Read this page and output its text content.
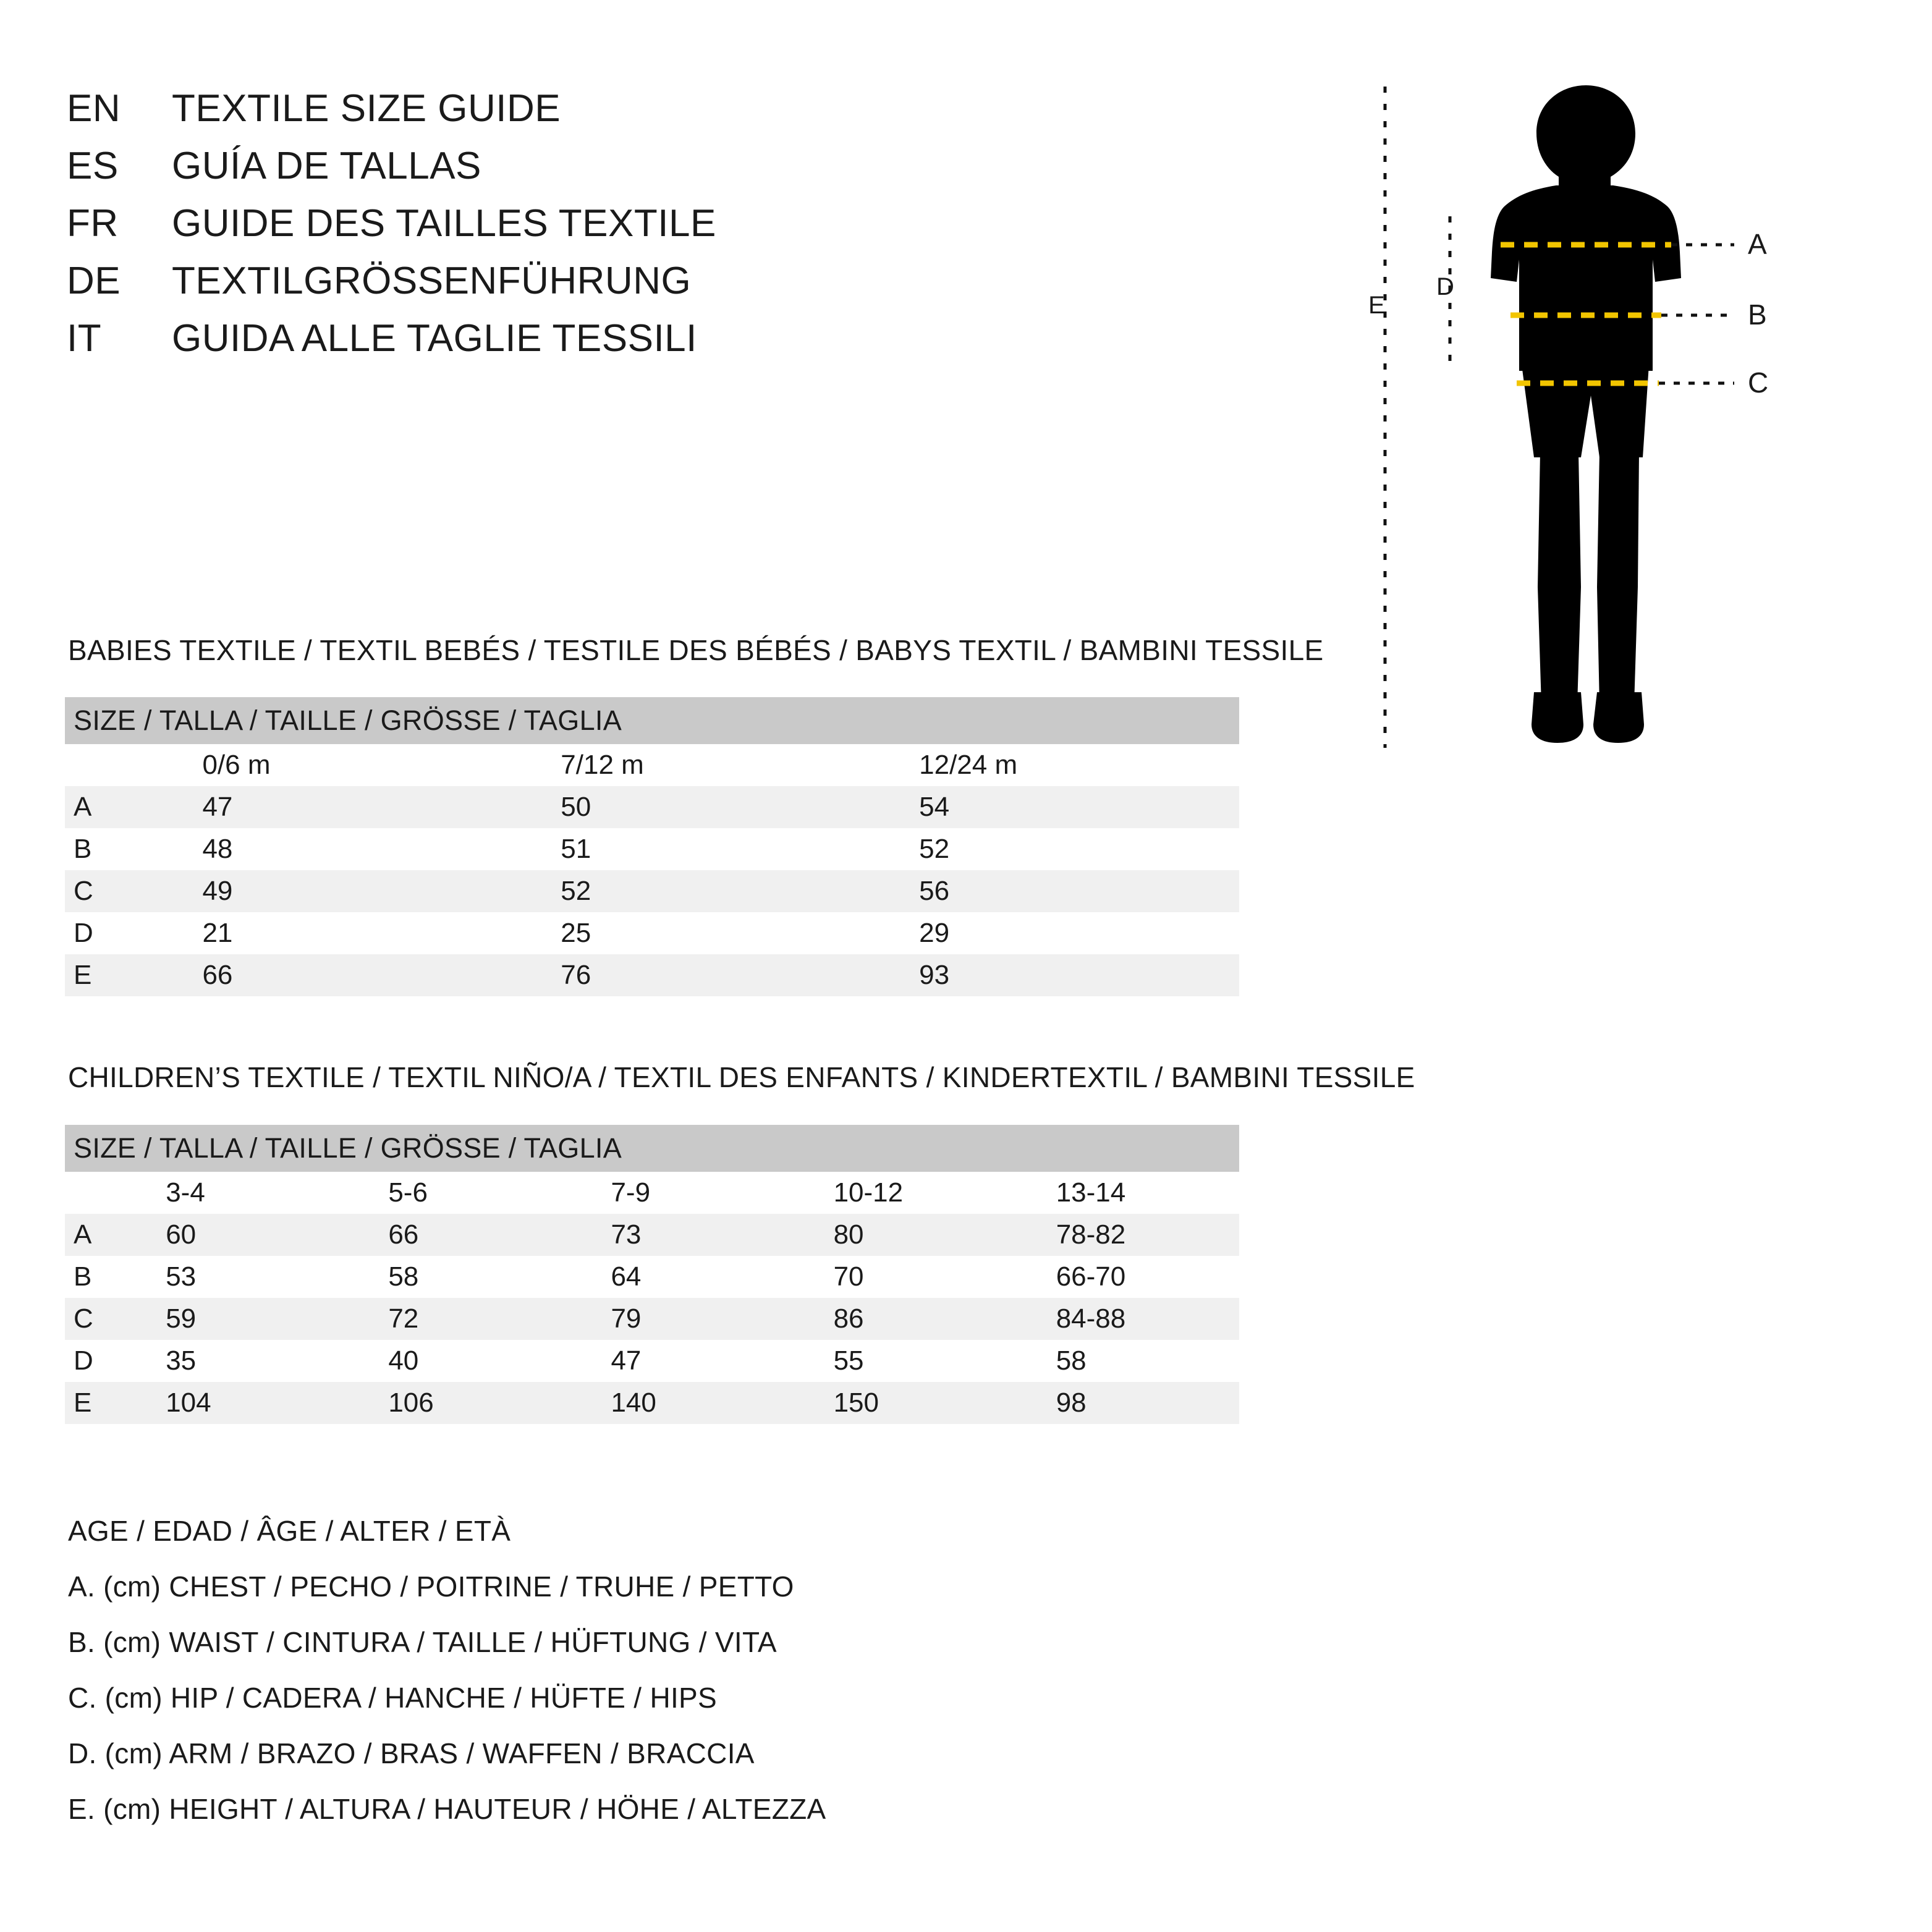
EN	TEXTILE SIZE GUIDE
ES	GUÍA DE TALLAS
FR	GUIDE DES TAILLES TEXTILE
DE	TEXTILGRÖSSENFÜHRUNG
IT	GUIDA ALLE TAGLIE TESSILI
A
B
C
D
E
BABIES TEXTILE / TEXTIL BEBÉS / TESTILE DES BÉBÉS / BABYS TEXTIL / BAMBINI TESSILE
SIZE / TALLA / TAILLE / GRÖSSE / TAGLIA			
	0/6 m	7/12 m	12/24 m
A	47	50	54
B	48	51	52
C	49	52	56
D	21	25	29
E	66	76	93
CHILDREN’S TEXTILE / TEXTIL NIÑO/A / TEXTIL DES ENFANTS / KINDERTEXTIL / BAMBINI TESSILE
SIZE / TALLA / TAILLE / GRÖSSE / TAGLIA					
	3-4	5-6	7-9	10-12	13-14
A	60	66	73	80	78-82
B	53	58	64	70	66-70
C	59	72	79	86	84-88
D	35	40	47	55	58
E	104	106	140	150	98
AGE / EDAD / ÂGE / ALTER / ETÀ
A. (cm) CHEST / PECHO / POITRINE / TRUHE / PETTO
B. (cm) WAIST / CINTURA / TAILLE / HÜFTUNG / VITA
C. (cm) HIP / CADERA / HANCHE / HÜFTE / HIPS
D. (cm) ARM / BRAZO / BRAS / WAFFEN / BRACCIA
E. (cm) HEIGHT / ALTURA / HAUTEUR / HÖHE / ALTEZZA
